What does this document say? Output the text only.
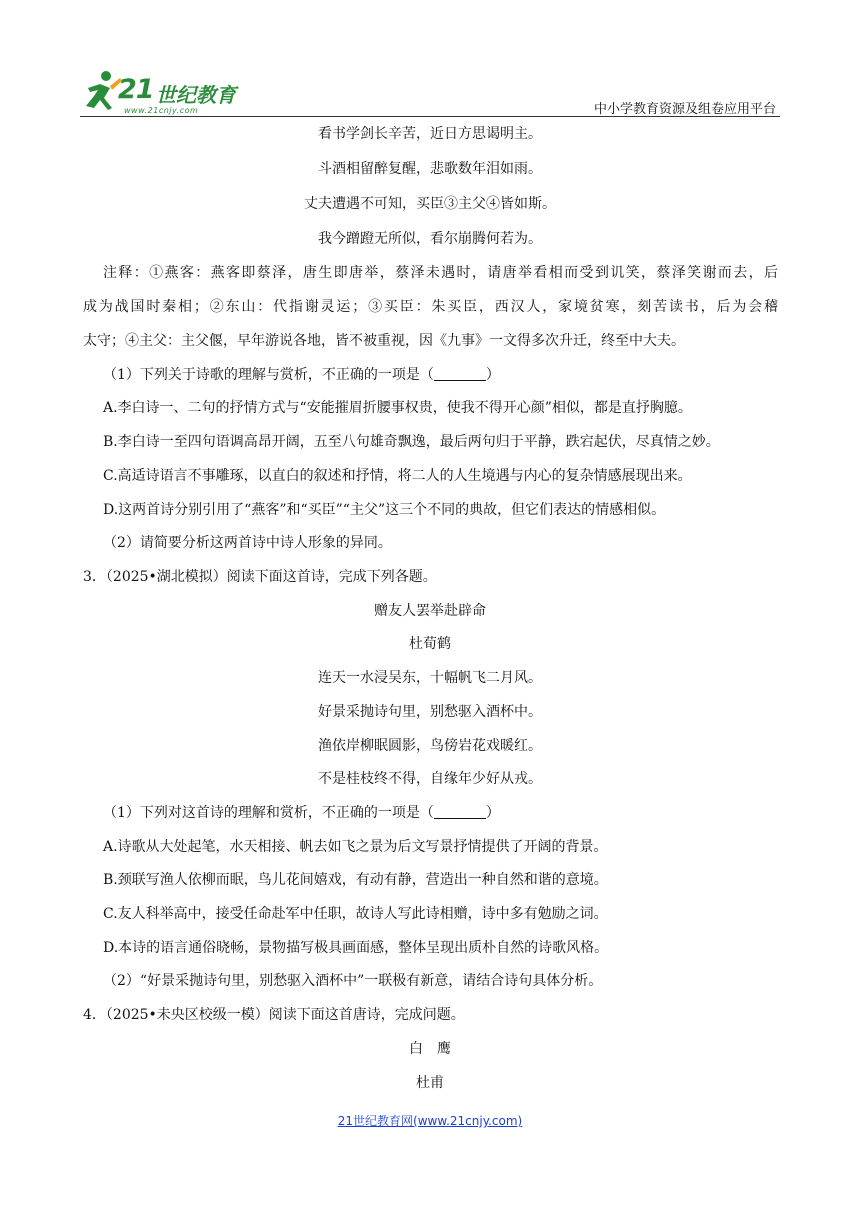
21 世纪教育
www.21cnjy.com	中小学教育资源及组卷应用平台
看书学剑长辛苦，近日方思谒明主。
斗酒相留醉复醒，悲歌数年泪如雨。
丈夫遭遇不可知，买臣③主父④皆如斯。
我今蹭蹬无所似，看尔崩腾何若为。
注释：①燕客：燕客即蔡泽，唐生即唐举，蔡泽未遇时，请唐举看相而受到讥笑，蔡泽笑谢而去，后
成为战国时秦相；②东山：代指谢灵运；③买臣：朱买臣，西汉人，家境贫寒，刻苦读书，后为会稽
太守；④主父：主父偃，早年游说各地，皆不被重视，因《九事》一文得多次升迁，终至中大夫。
（1）下列关于诗歌的理解与赏析，不正确的一项是（	）
A.李白诗一、二句的抒情方式与“安能摧眉折腰事权贵，使我不得开心颜”相似，都是直抒胸臆。
B.李白诗一至四句语调高昂开阔，五至八句雄奇飘逸，最后两句归于平静，跌宕起伏，尽真情之妙。
C.高适诗语言不事雕琢，以直白的叙述和抒情，将二人的人生境遇与内心的复杂情感展现出来。
D.这两首诗分别引用了“燕客”和“买臣”“主父”这三个不同的典故，但它们表达的情感相似。
（2）请简要分析这两首诗中诗人形象的异同。
3．（2025•湖北模拟）阅读下面这首诗，完成下列各题。
赠友人罢举赴辟命
杜荀鹤
连天一水浸吴东，十幅帆飞二月风。
好景采抛诗句里，别愁驱入酒杯中。
渔依岸柳眠圆影，鸟傍岩花戏暖红。
不是桂枝终不得，自缘年少好从戎。
（1）下列对这首诗的理解和赏析，不正确的一项是（	）
A.诗歌从大处起笔，水天相接、帆去如飞之景为后文写景抒情提供了开阔的背景。
B.颈联写渔人依柳而眠，鸟儿花间嬉戏，有动有静，营造出一种自然和谐的意境。
C.友人科举高中，接受任命赴军中任职，故诗人写此诗相赠，诗中多有勉励之词。
D.本诗的语言通俗晓畅，景物描写极具画面感，整体呈现出质朴自然的诗歌风格。
（2）“好景采抛诗句里，别愁驱入酒杯中”一联极有新意，请结合诗句具体分析。
4．（2025•未央区校级一模）阅读下面这首唐诗，完成问题。
白　鹰
杜甫
21世纪教育网(www.21cnjy.com)
